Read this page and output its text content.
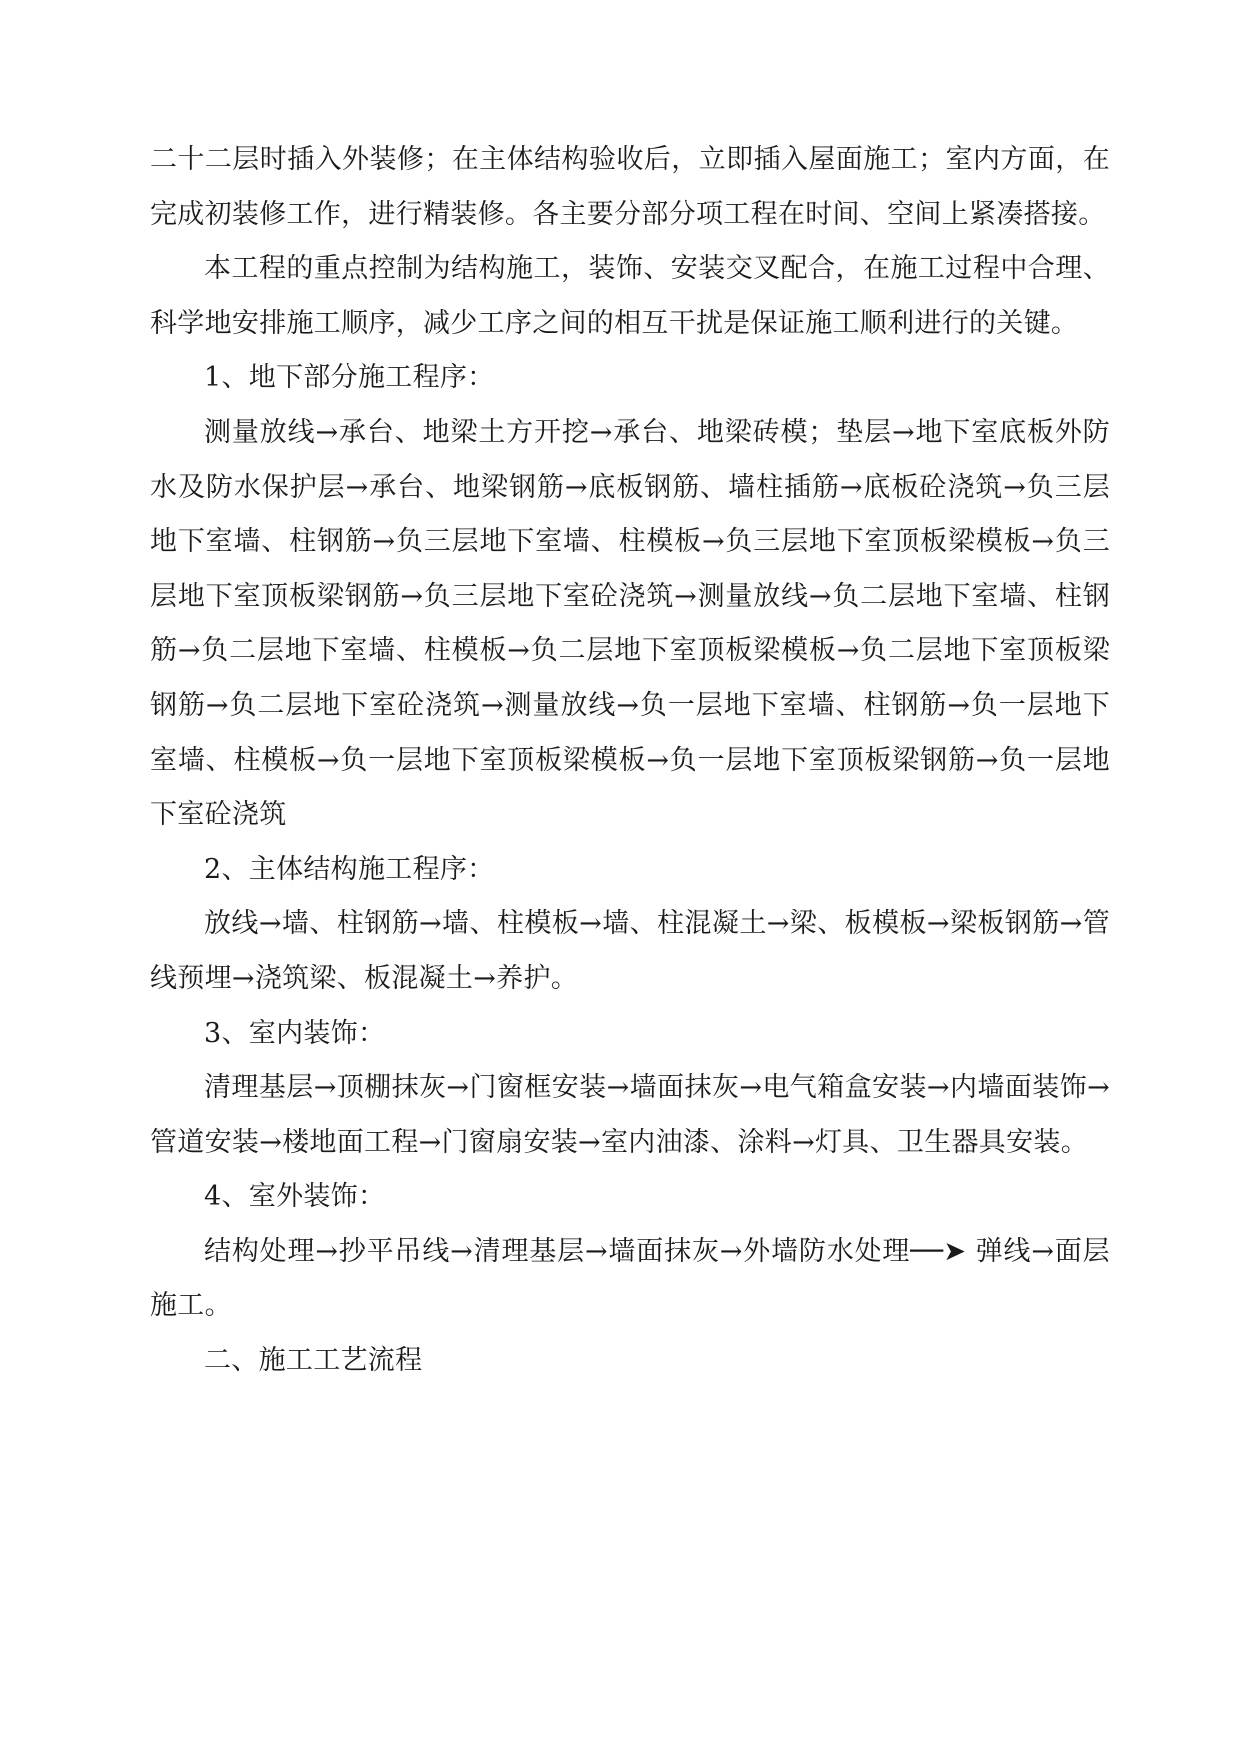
二十二层时插入外装修；在主体结构验收后，立即插入屋面施工；室内方面，在完成初装修工作，进行精装修。各主要分部分项工程在时间、空间上紧凑搭接。

本工程的重点控制为结构施工，装饰、安装交叉配合，在施工过程中合理、科学地安排施工顺序，减少工序之间的相互干扰是保证施工顺利进行的关键。

1、地下部分施工程序：

测量放线→承台、地梁土方开挖→承台、地梁砖模；垫层→地下室底板外防水及防水保护层→承台、地梁钢筋→底板钢筋、墙柱插筋→底板砼浇筑→负三层地下室墙、柱钢筋→负三层地下室墙、柱模板→负三层地下室顶板梁模板→负三层地下室顶板梁钢筋→负三层地下室砼浇筑→测量放线→负二层地下室墙、柱钢筋→负二层地下室墙、柱模板→负二层地下室顶板梁模板→负二层地下室顶板梁钢筋→负二层地下室砼浇筑→测量放线→负一层地下室墙、柱钢筋→负一层地下室墙、柱模板→负一层地下室顶板梁模板→负一层地下室顶板梁钢筋→负一层地下室砼浇筑

2、主体结构施工程序：

放线→墙、柱钢筋→墙、柱模板→墙、柱混凝土→梁、板模板→梁板钢筋→管线预埋→浇筑梁、板混凝土→养护。

3、室内装饰：

清理基层→顶棚抹灰→门窗框安装→墙面抹灰→电气箱盒安装→内墙面装饰→管道安装→楼地面工程→门窗扇安装→室内油漆、涂料→灯具、卫生器具安装。

4、室外装饰：

结构处理→抄平吊线→清理基层→墙面抹灰→外墙防水处理──➤ 弹线→面层施工。

二、施工工艺流程
